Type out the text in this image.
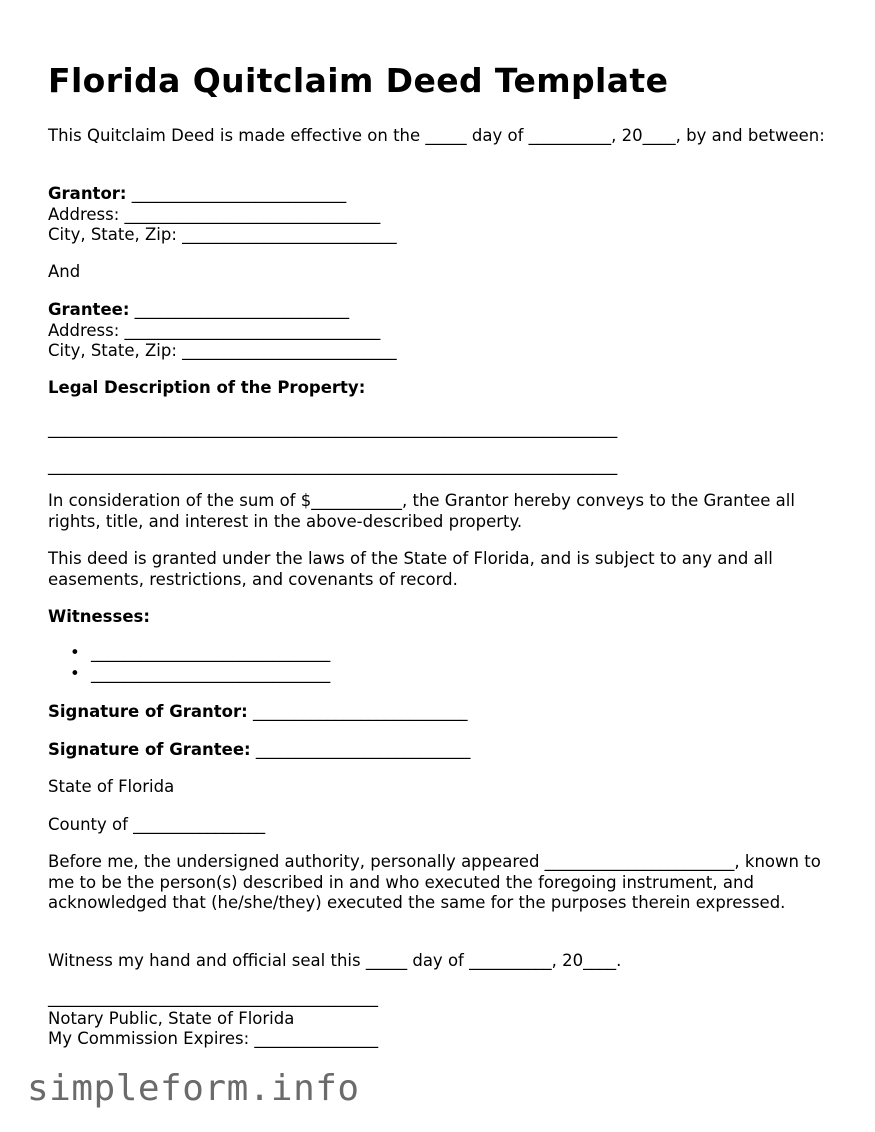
Florida Quitclaim Deed Template

This Quitclaim Deed is made effective on the _____ day of __________, 20____, by and between:

Grantor: __________________________
Address: _______________________________
City, State, Zip: __________________________

And

Grantee: __________________________
Address: _______________________________
City, State, Zip: __________________________

Legal Description of the Property:

_____________________________________________________________________

_____________________________________________________________________

In consideration of the sum of $___________, the Grantor hereby conveys to the Grantee all rights, title, and interest in the above-described property.

This deed is granted under the laws of the State of Florida, and is subject to any and all easements, restrictions, and covenants of record.

Witnesses:

• _____________________________
• _____________________________

Signature of Grantor: __________________________

Signature of Grantee: __________________________

State of Florida

County of ________________

Before me, the undersigned authority, personally appeared _______________________, known to me to be the person(s) described in and who executed the foregoing instrument, and acknowledged that (he/she/they) executed the same for the purposes therein expressed.

Witness my hand and official seal this _____ day of __________, 20____.

________________________________________
Notary Public, State of Florida
My Commission Expires: _______________
simpleform.info
